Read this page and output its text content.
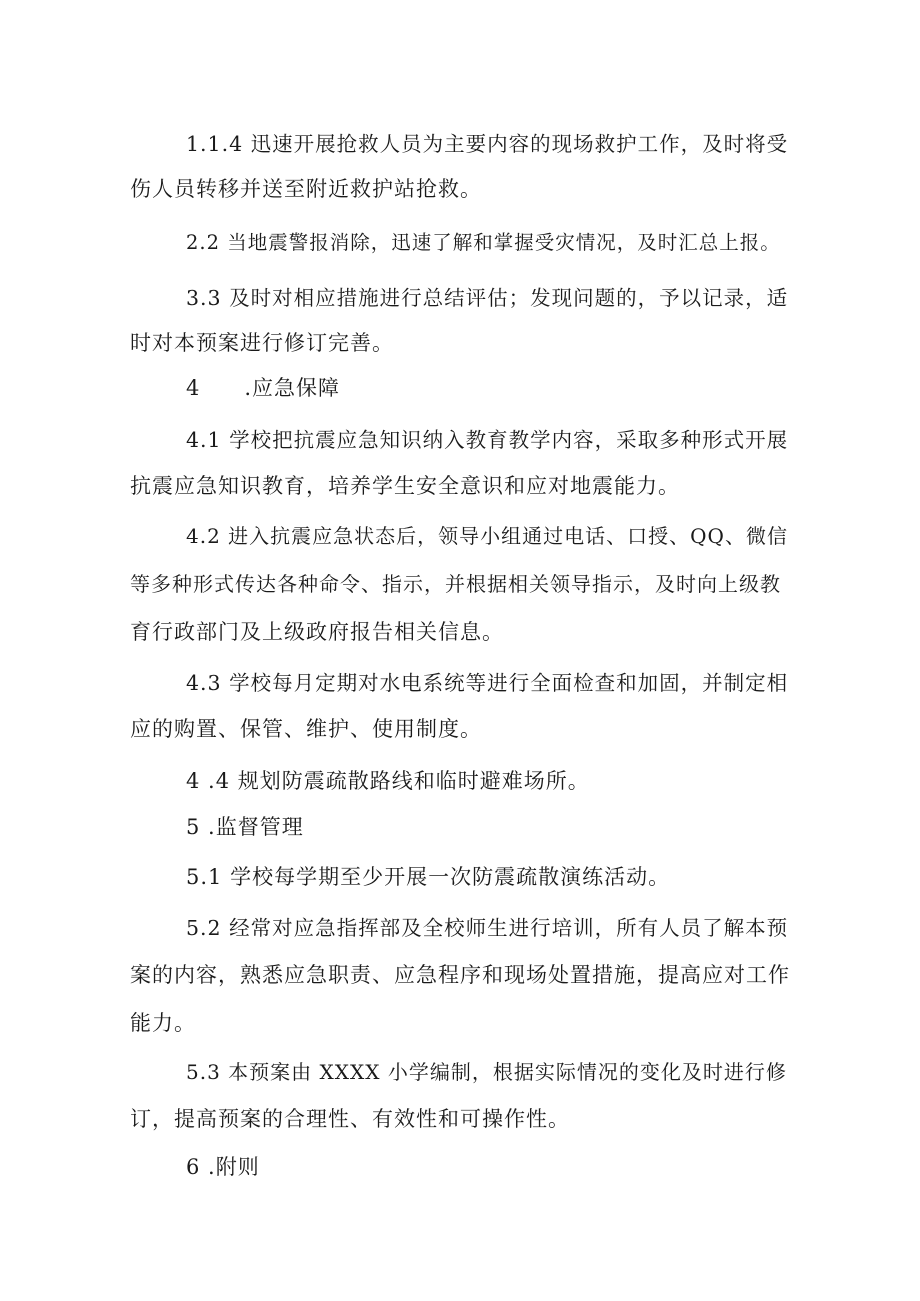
1.1.4 迅速开展抢救人员为主要内容的现场救护工作，及时将受
伤人员转移并送至附近救护站抢救。
2.2 当地震警报消除，迅速了解和掌握受灾情况，及时汇总上报。
3.3 及时对相应措施进行总结评估；发现问题的，予以记录，适
时对本预案进行修订完善。
4　　.应急保障
4.1 学校把抗震应急知识纳入教育教学内容，采取多种形式开展
抗震应急知识教育，培养学生安全意识和应对地震能力。
4.2 进入抗震应急状态后，领导小组通过电话、口授、QQ、微信
等多种形式传达各种命令、指示，并根据相关领导指示，及时向上级教
育行政部门及上级政府报告相关信息。
4.3 学校每月定期对水电系统等进行全面检查和加固，并制定相
应的购置、保管、维护、使用制度。
4 .4 规划防震疏散路线和临时避难场所。
5 .监督管理
5.1 学校每学期至少开展一次防震疏散演练活动。
5.2 经常对应急指挥部及全校师生进行培训，所有人员了解本预
案的内容，熟悉应急职责、应急程序和现场处置措施，提高应对工作
能力。
5.3 本预案由 XXXX 小学编制，根据实际情况的变化及时进行修
订，提高预案的合理性、有效性和可操作性。
6 .附则
